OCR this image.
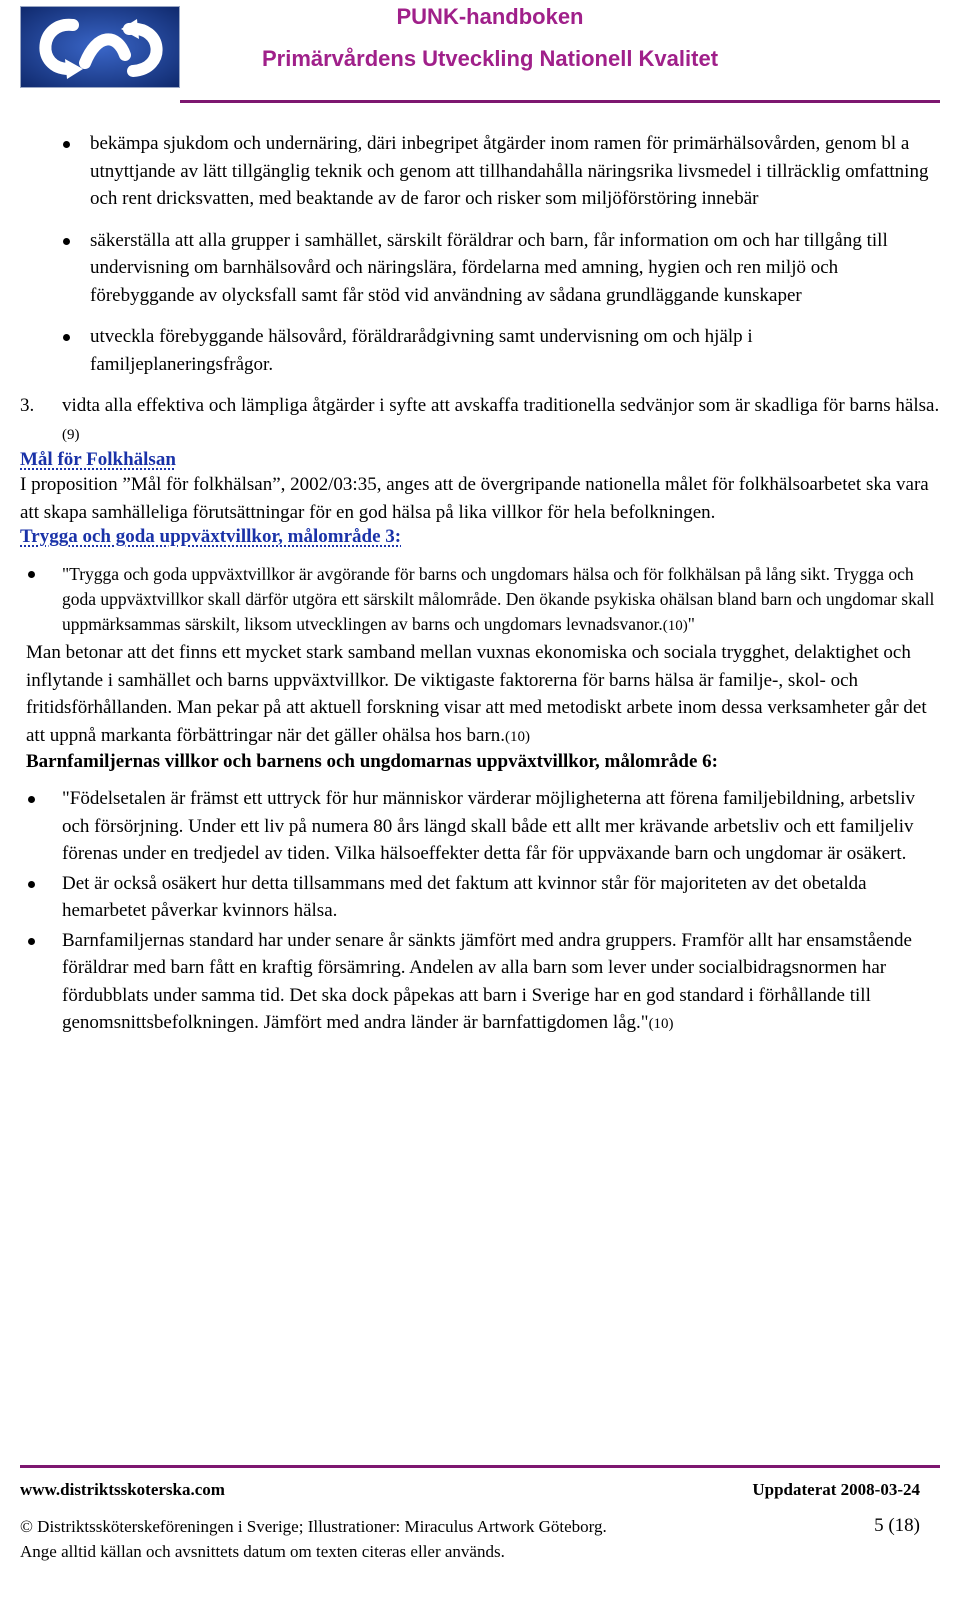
PUNK-handboken
Primärvårdens Utveckling Nationell Kvalitet
bekämpa sjukdom och undernäring, däri inbegripet åtgärder inom ramen för primärhälsovården, genom bl a utnyttjande av lätt tillgänglig teknik och genom att tillhandahålla näringsrika livsmedel i tillräcklig omfattning och rent dricksvatten, med beaktande av de faror och risker som miljöförstöring innebär
säkerställa att alla grupper i samhället, särskilt föräldrar och barn, får information om och har tillgång till undervisning om barnhälsovård och näringslära, fördelarna med amning, hygien och ren miljö och förebyggande av olycksfall samt får stöd vid användning av sådana grundläggande kunskaper
utveckla förebyggande hälsovård, föräldrarådgivning samt undervisning om och hjälp i familjeplaneringsfrågor.

3. vidta alla effektiva och lämpliga åtgärder i syfte att avskaffa traditionella sedvänjor som är skadliga för barns hälsa.(9)

Mål för Folkhälsan

I proposition ”Mål för folkhälsan”, 2002/03:35, anges att de övergripande nationella målet för folkhälsoarbetet ska vara att skapa samhälleliga förutsättningar för en god hälsa på lika villkor för hela befolkningen.

Trygga och goda uppväxtvillkor, målområde 3:

"Trygga och goda uppväxtvillkor är avgörande för barns och ungdomars hälsa och för folkhälsan på lång sikt. Trygga och goda uppväxtvillkor skall därför utgöra ett särskilt målområde. Den ökande psykiska ohälsan bland barn och ungdomar skall uppmärksammas särskilt, liksom utvecklingen av barns och ungdomars levnadsvanor.(10)"

Man betonar att det finns ett mycket stark samband mellan vuxnas ekonomiska och sociala trygghet, delaktighet och inflytande i samhället och barns uppväxtvillkor. De viktigaste faktorerna för barns hälsa är familje-, skol- och fritidsförhållanden. Man pekar på att aktuell forskning visar att med metodiskt arbete inom dessa verksamheter går det att uppnå markanta förbättringar när det gäller ohälsa hos barn.(10)

Barnfamiljernas villkor och barnens och ungdomarnas uppväxtvillkor, målområde 6:

"Födelsetalen är främst ett uttryck för hur människor värderar möjligheterna att förena familjebildning, arbetsliv och försörjning. Under ett liv på numera 80 års längd skall både ett allt mer krävande arbetsliv och ett familjeliv förenas under en tredjedel av tiden. Vilka hälsoeffekter detta får för uppväxande barn och ungdomar är osäkert.
Det är också osäkert hur detta tillsammans med det faktum att kvinnor står för majoriteten av det obetalda hemarbetet påverkar kvinnors hälsa.
Barnfamiljernas standard har under senare år sänkts jämfört med andra gruppers. Framför allt har ensamstående föräldrar med barn fått en kraftig försämring. Andelen av alla barn som lever under socialbidragsnormen har fördubblats under samma tid. Det ska dock påpekas att barn i Sverige har en god standard i förhållande till genomsnittsbefolkningen. Jämfört med andra länder är barnfattigdomen låg."(10)
www.distriktsskoterska.com	Uppdaterat 2008-03-24
© Distriktssköterskeföreningen i Sverige; Illustrationer: Miraculus Artwork Göteborg.	5 (18)
Ange alltid källan och avsnittets datum om texten citeras eller används.
